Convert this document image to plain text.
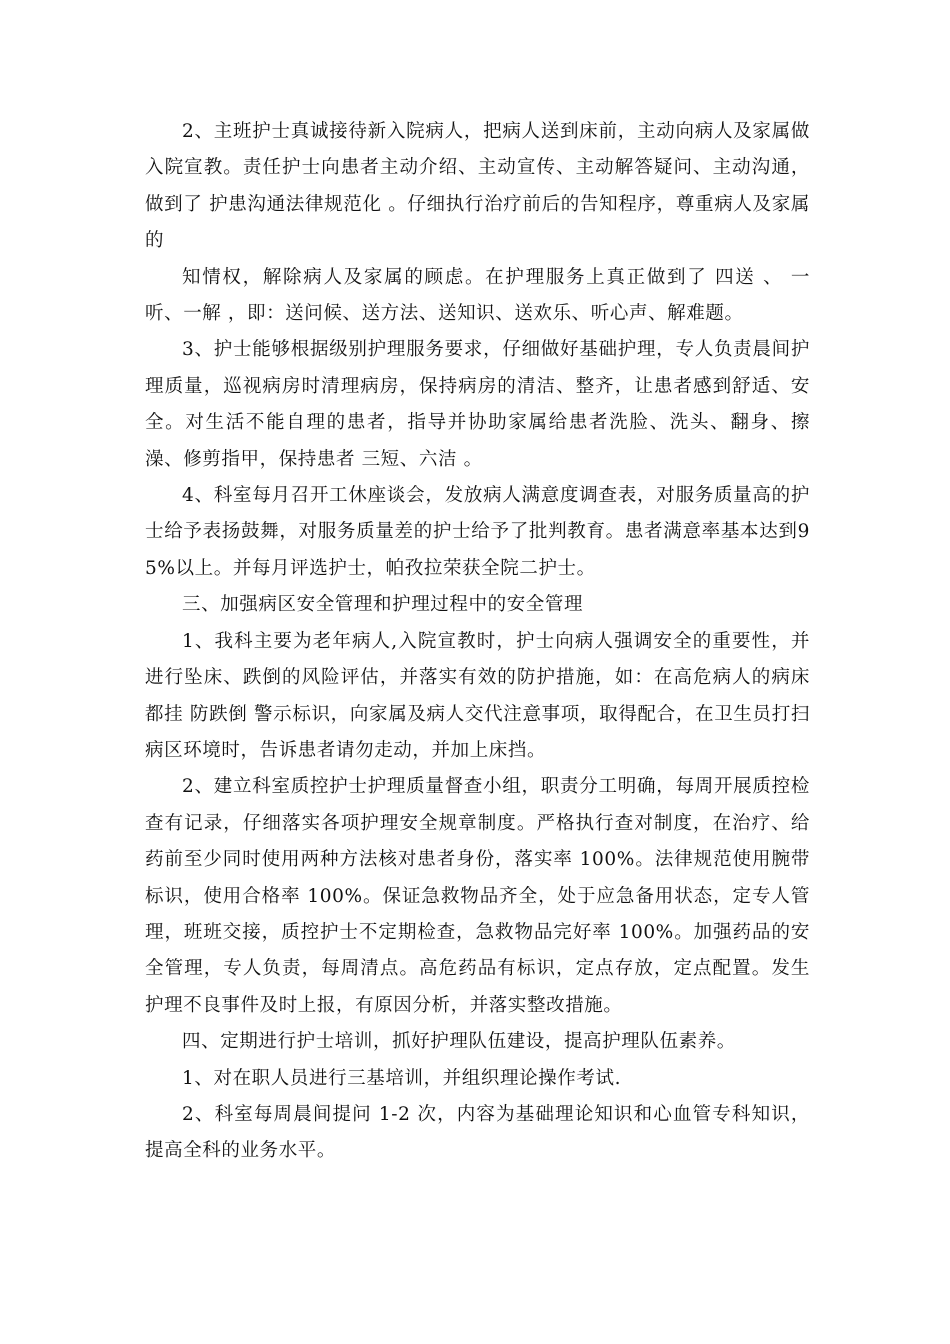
2、主班护士真诚接待新入院病人，把病人送到床前，主动向病人及家属做入院宣教。责任护士向患者主动介绍、主动宣传、主动解答疑问、主动沟通，做到了 护患沟通法律规范化 。仔细执行治疗前后的告知程序，尊重病人及家属的

知情权，解除病人及家属的顾虑。在护理服务上真正做到了 四送 、 一听、一解 ，即：送问候、送方法、送知识、送欢乐、听心声、解难题。

3、护士能够根据级别护理服务要求，仔细做好基础护理，专人负责晨间护理质量，巡视病房时清理病房，保持病房的清洁、整齐，让患者感到舒适、安全。对生活不能自理的患者，指导并协助家属给患者洗脸、洗头、翻身、擦澡、修剪指甲，保持患者 三短、六洁 。

4、科室每月召开工休座谈会，发放病人满意度调查表，对服务质量高的护士给予表扬鼓舞，对服务质量差的护士给予了批判教育。患者满意率基本达到95%以上。并每月评选护士，帕孜拉荣获全院二护士。

三、加强病区安全管理和护理过程中的安全管理

1、我科主要为老年病人,入院宣教时，护士向病人强调安全的重要性，并进行坠床、跌倒的风险评估，并落实有效的防护措施，如：在高危病人的病床都挂 防跌倒 警示标识，向家属及病人交代注意事项，取得配合，在卫生员打扫病区环境时，告诉患者请勿走动，并加上床挡。

2、建立科室质控护士护理质量督查小组，职责分工明确，每周开展质控检查有记录，仔细落实各项护理安全规章制度。严格执行查对制度，在治疗、给药前至少同时使用两种方法核对患者身份，落实率 100%。法律规范使用腕带标识，使用合格率 100%。保证急救物品齐全，处于应急备用状态，定专人管理，班班交接，质控护士不定期检查，急救物品完好率 100%。加强药品的安全管理，专人负责，每周清点。高危药品有标识，定点存放，定点配置。发生护理不良事件及时上报，有原因分析，并落实整改措施。

四、定期进行护士培训，抓好护理队伍建设，提高护理队伍素养。

1、对在职人员进行三基培训，并组织理论操作考试.

2、科室每周晨间提问 1-2 次，内容为基础理论知识和心血管专科知识，提高全科的业务水平。
